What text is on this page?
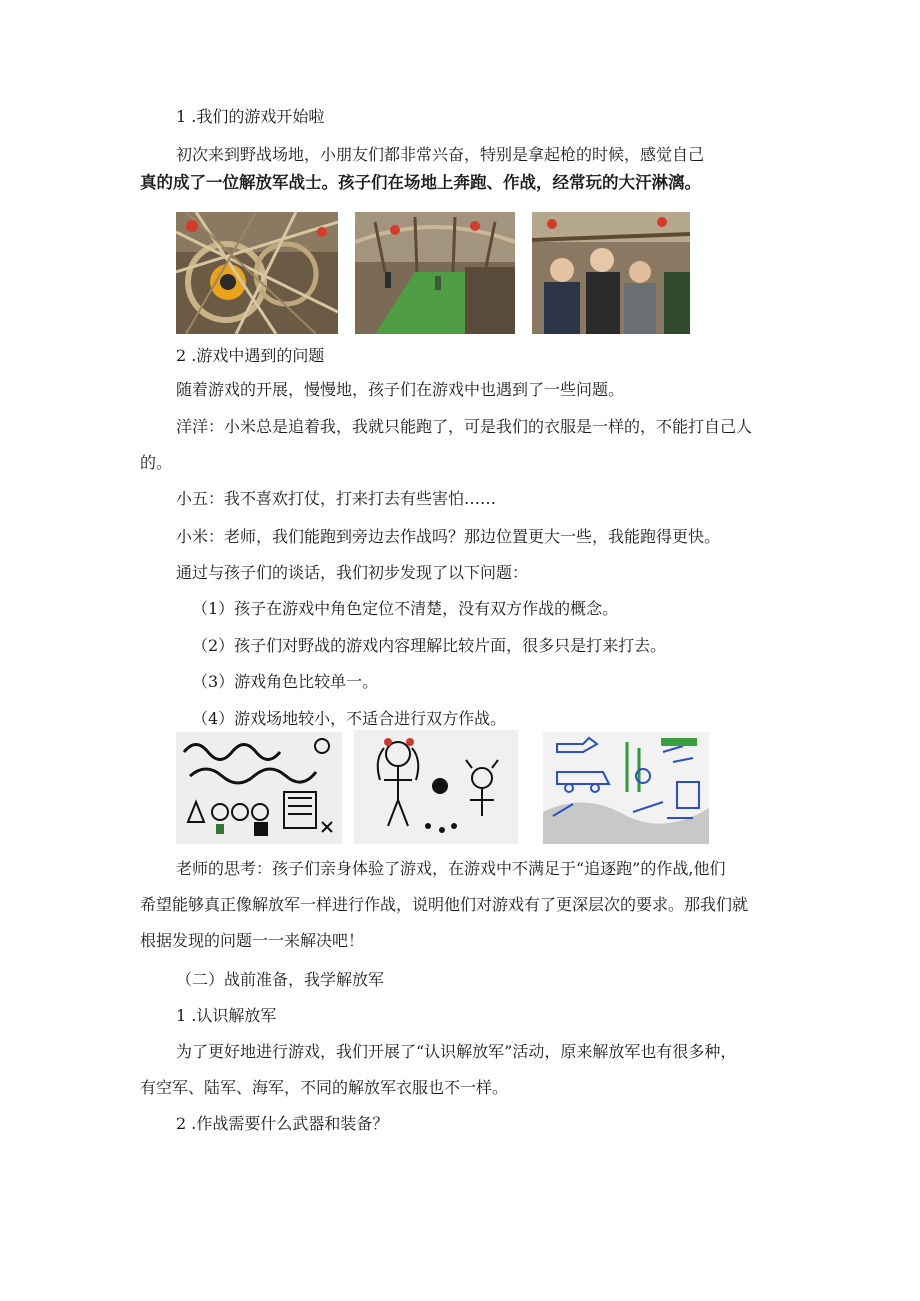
1 .我们的游戏开始啦
初次来到野战场地，小朋友们都非常兴奋，特别是拿起枪的时候，感觉自己
真的成了一位解放军战士。孩子们在场地上奔跑、作战，经常玩的大汗淋漓。
2 .游戏中遇到的问题
随着游戏的开展，慢慢地，孩子们在游戏中也遇到了一些问题。
洋洋：小米总是追着我，我就只能跑了，可是我们的衣服是一样的，不能打自己人
的。
小五：我不喜欢打仗，打来打去有些害怕……
小米：老师，我们能跑到旁边去作战吗？那边位置更大一些，我能跑得更快。
通过与孩子们的谈话，我们初步发现了以下问题：
（1）孩子在游戏中角色定位不清楚，没有双方作战的概念。
（2）孩子们对野战的游戏内容理解比较片面，很多只是打来打去。
（3）游戏角色比较单一。
（4）游戏场地较小，不适合进行双方作战。
老师的思考：孩子们亲身体验了游戏，在游戏中不满足于“追逐跑”的作战,他们
希望能够真正像解放军一样进行作战，说明他们对游戏有了更深层次的要求。那我们就
根据发现的问题一一来解决吧！
（二）战前准备，我学解放军
1 .认识解放军
为了更好地进行游戏，我们开展了“认识解放军”活动，原来解放军也有很多种，
有空军、陆军、海军，不同的解放军衣服也不一样。
2 .作战需要什么武器和装备？
